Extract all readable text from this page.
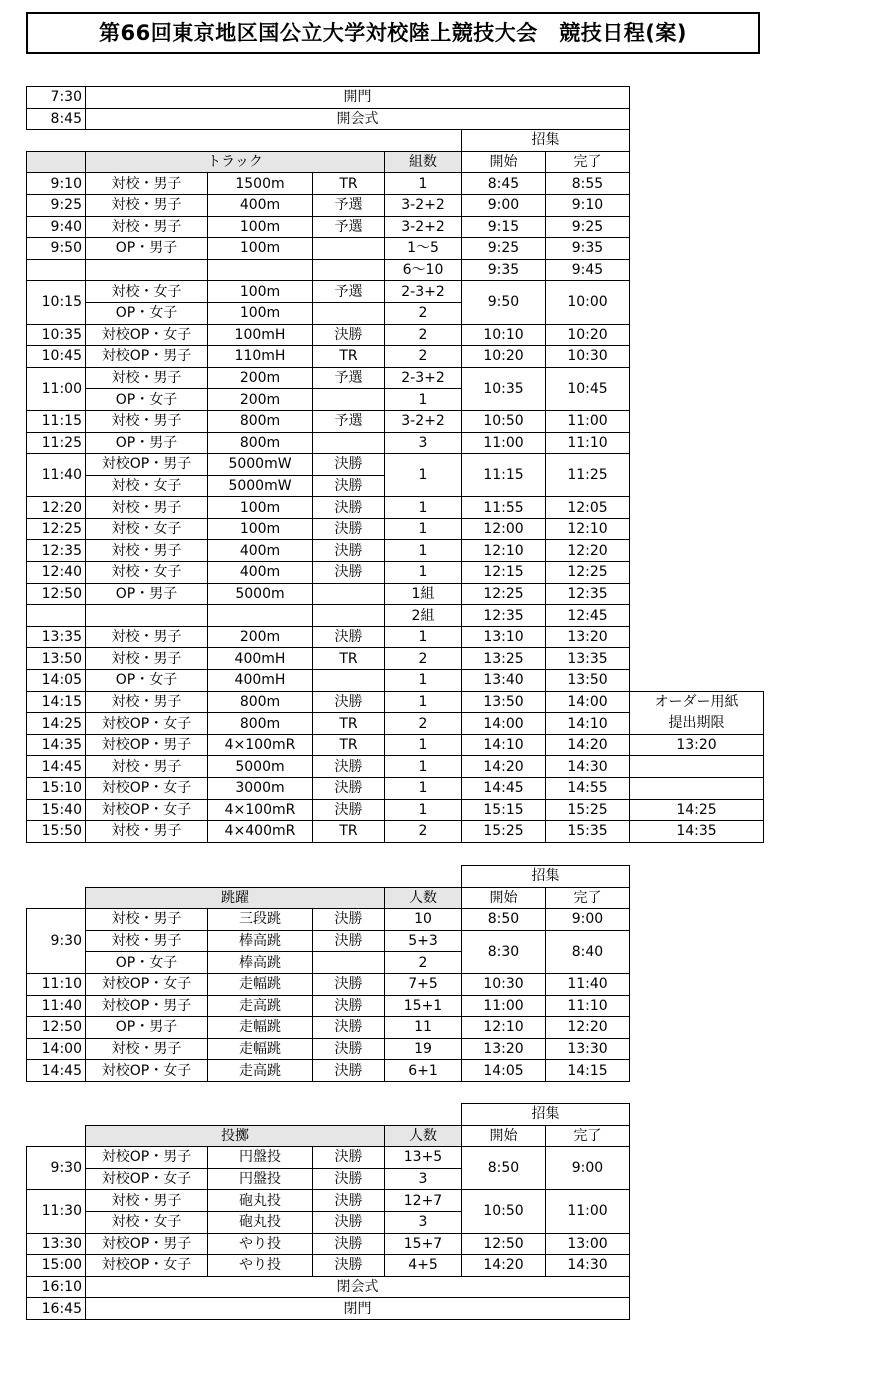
第66回東京地区国公立大学対校陸上競技大会　競技日程(案)
7:30	開門						
8:45	開会式						
					招集		
	トラック			組数	開始	完了	
9:10	対校・男子	1500m	TR	1	8:45	8:55	
9:25	対校・男子	400m	予選	3-2+2	9:00	9:10	
9:40	対校・男子	100m	予選	3-2+2	9:15	9:25	
9:50	OP・男子	100m		1〜5	9:25	9:35	
				6〜10	9:35	9:45	
10:15	対校・女子	100m	予選	2-3+2	9:50	10:00	
	OP・女子	100m		2			
10:35	対校OP・女子	100mH	決勝	2	10:10	10:20	
10:45	対校OP・男子	110mH	TR	2	10:20	10:30	
11:00	対校・男子	200m	予選	2-3+2	10:35	10:45	
	OP・女子	200m		1			
11:15	対校・男子	800m	予選	3-2+2	10:50	11:00	
11:25	OP・男子	800m		3	11:00	11:10	
11:40	対校OP・男子	5000mW	決勝	1	11:15	11:25	
	対校・女子	5000mW	決勝				
12:20	対校・男子	100m	決勝	1	11:55	12:05	
12:25	対校・女子	100m	決勝	1	12:00	12:10	
12:35	対校・男子	400m	決勝	1	12:10	12:20	
12:40	対校・女子	400m	決勝	1	12:15	12:25	
12:50	OP・男子	5000m		1組	12:25	12:35	
				2組	12:35	12:45	
13:35	対校・男子	200m	決勝	1	13:10	13:20	
13:50	対校・男子	400mH	TR	2	13:25	13:35	
14:05	OP・女子	400mH		1	13:40	13:50	
14:15	対校・男子	800m	決勝	1	13:50	14:00	オーダー用紙
14:25	対校OP・女子	800m	TR	2	14:00	14:10	提出期限
14:35	対校OP・男子	4×100mR	TR	1	14:10	14:20	13:20
14:45	対校・男子	5000m	決勝	1	14:20	14:30	
15:10	対校OP・女子	3000m	決勝	1	14:45	14:55	
15:40	対校OP・女子	4×100mR	決勝	1	15:15	15:25	14:25
15:50	対校・男子	4×400mR	TR	2	15:25	15:35	14:35
					招集	
	跳躍			人数	開始	完了
9:30	対校・男子	三段跳	決勝	10	8:50	9:00
	対校・男子	棒高跳	決勝	5+3	8:30	8:40
	OP・女子	棒高跳		2		
11:10	対校OP・女子	走幅跳	決勝	7+5	10:30	11:40
11:40	対校OP・男子	走高跳	決勝	15+1	11:00	11:10
12:50	OP・男子	走幅跳	決勝	11	12:10	12:20
14:00	対校・男子	走幅跳	決勝	19	13:20	13:30
14:45	対校OP・女子	走高跳	決勝	6+1	14:05	14:15
					招集	
	投擲			人数	開始	完了
9:30	対校OP・男子	円盤投	決勝	13+5	8:50	9:00
	対校OP・女子	円盤投	決勝	3		
11:30	対校・男子	砲丸投	決勝	12+7	10:50	11:00
	対校・女子	砲丸投	決勝	3		
13:30	対校OP・男子	やり投	決勝	15+7	12:50	13:00
15:00	対校OP・女子	やり投	決勝	4+5	14:20	14:30
16:10	閉会式					
16:45	閉門					
